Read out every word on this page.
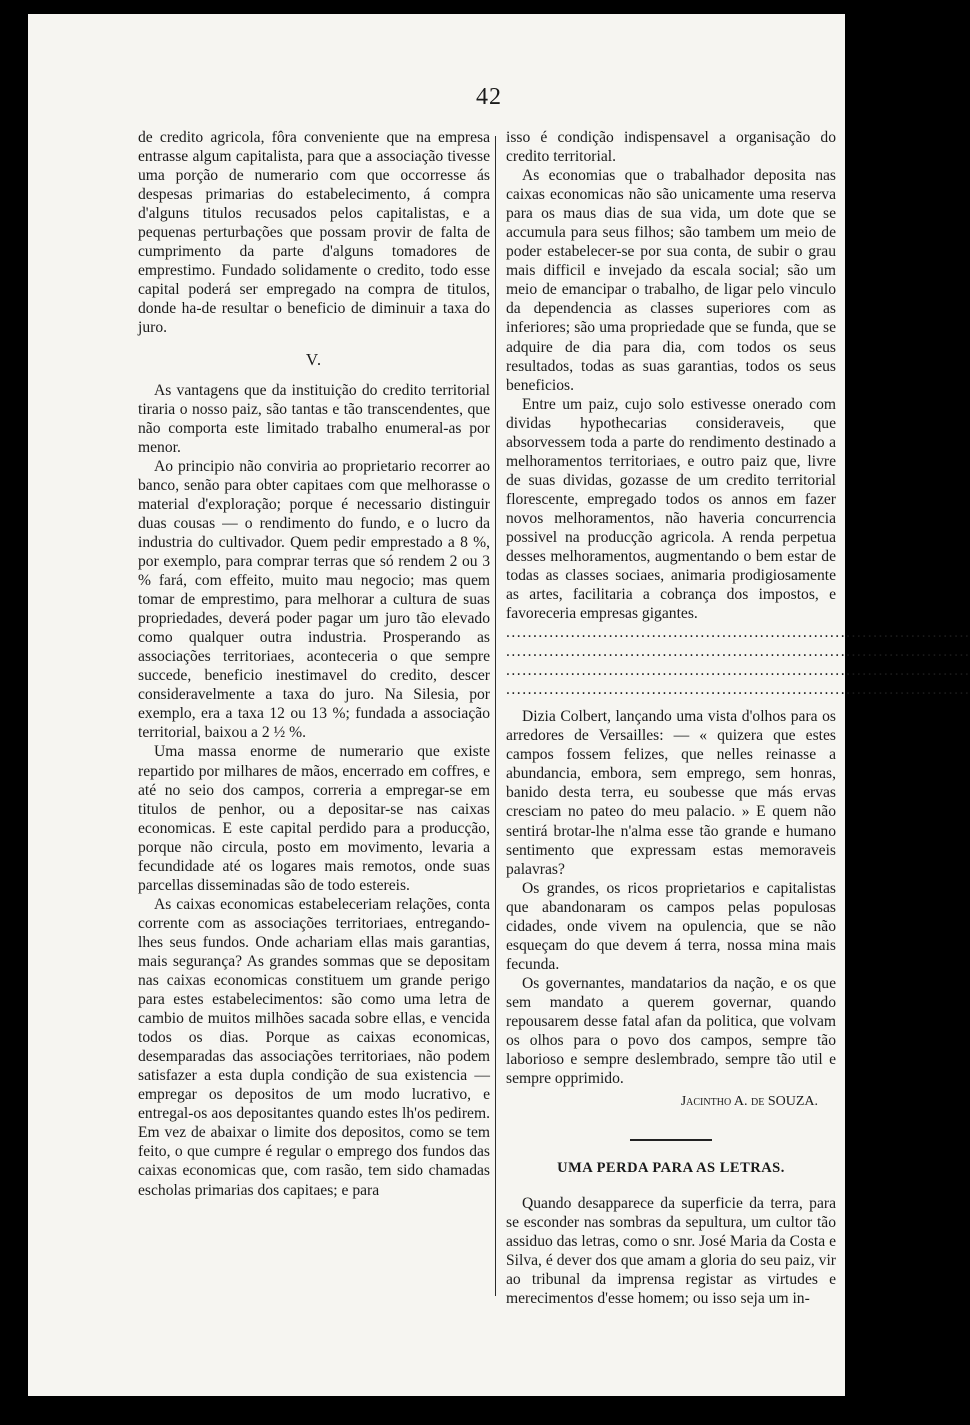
42

de credito agricola, fôra conveniente que na empresa entrasse algum capitalista, para que a associação tivesse uma porção de numerario com que occorresse ás despesas primarias do estabelecimento, á compra d'alguns titulos recusados pelos capitalistas, e a pequenas perturbações que possam provir de falta de cumprimento da parte d'alguns tomadores de emprestimo. Fundado solidamente o credito, todo esse capital poderá ser empregado na compra de titulos, donde ha-de resultar o beneficio de diminuir a taxa do juro.

V.

As vantagens que da instituição do credito territorial tiraria o nosso paiz, são tantas e tão transcendentes, que não comporta este limitado trabalho enumeral-as por menor.

Ao principio não conviria ao proprietario recorrer ao banco, senão para obter capitaes com que melhorasse o material d'exploração; porque é necessario distinguir duas cousas — o rendimento do fundo, e o lucro da industria do cultivador. Quem pedir emprestado a 8 %, por exemplo, para comprar terras que só rendem 2 ou 3 % fará, com effeito, muito mau negocio; mas quem tomar de emprestimo, para melhorar a cultura de suas propriedades, deverá poder pagar um juro tão elevado como qualquer outra industria. Prosperando as associações territoriaes, aconteceria o que sempre succede, beneficio inestimavel do credito, descer consideravelmente a taxa do juro. Na Silesia, por exemplo, era a taxa 12 ou 13 %; fundada a associação territorial, baixou a 2 ½ %.

Uma massa enorme de numerario que existe repartido por milhares de mãos, encerrado em coffres, e até no seio dos campos, correria a empregar-se em titulos de penhor, ou a depositar-se nas caixas economicas. E este capital perdido para a producção, porque não circula, posto em movimento, levaria a fecundidade até os logares mais remotos, onde suas parcellas disseminadas são de todo estereis.

As caixas economicas estabeleceriam relações, conta corrente com as associações territoriaes, entregando-lhes seus fundos. Onde achariam ellas mais garantias, mais segurança? As grandes sommas que se depositam nas caixas economicas constituem um grande perigo para estes estabelecimentos: são como uma letra de cambio de muitos milhões sacada sobre ellas, e vencida todos os dias. Porque as caixas economicas, desemparadas das associações territoriaes, não podem satisfazer a esta dupla condição de sua existencia — empregar os depositos de um modo lucrativo, e entregal-os aos depositantes quando estes lh'os pedirem. Em vez de abaixar o limite dos depositos, como se tem feito, o que cumpre é regular o emprego dos fundos das caixas economicas que, com rasão, tem sido chamadas escholas primarias dos capitaes; e para

isso é condição indispensavel a organisação do credito territorial.

As economias que o trabalhador deposita nas caixas economicas não são unicamente uma reserva para os maus dias de sua vida, um dote que se accumula para seus filhos; são tambem um meio de poder estabelecer-se por sua conta, de subir o grau mais difficil e invejado da escala social; são um meio de emancipar o trabalho, de ligar pelo vinculo da dependencia as classes superiores com as inferiores; são uma propriedade que se funda, que se adquire de dia para dia, com todos os seus resultados, todas as suas garantias, todos os seus beneficios.

Entre um paiz, cujo solo estivesse onerado com dividas hypothecarias consideraveis, que absorvessem toda a parte do rendimento destinado a melhoramentos territoriaes, e outro paiz que, livre de suas dividas, gozasse de um credito territorial florescente, empregado todos os annos em fazer novos melhoramentos, não haveria concurrencia possivel na producção agricola. A renda perpetua desses melhoramentos, augmentando o bem estar de todas as classes sociaes, animaria prodigiosamente as artes, facilitaria a cobrança dos impostos, e favoreceria empresas gigantes.

......................................................................................
......................................................................................
......................................................................................
......................................................................................

Dizia Colbert, lançando uma vista d'olhos para os arredores de Versailles: — « quizera que estes campos fossem felizes, que nelles reinasse a abundancia, embora, sem emprego, sem honras, banido desta terra, eu soubesse que más ervas cresciam no pateo do meu palacio. » E quem não sentirá brotar-lhe n'alma esse tão grande e humano sentimento que expressam estas memoraveis palavras?

Os grandes, os ricos proprietarios e capitalistas que abandonaram os campos pelas populosas cidades, onde vivem na opulencia, que se não esqueçam do que devem á terra, nossa mina mais fecunda.

Os governantes, mandatarios da nação, e os que sem mandato a querem governar, quando repousarem desse fatal afan da politica, que volvam os olhos para o povo dos campos, sempre tão laborioso e sempre deslembrado, sempre tão util e sempre opprimido.

Jacintho A. de SOUZA.
UMA PERDA PARA AS LETRAS.

Quando desapparece da superficie da terra, para se esconder nas sombras da sepultura, um cultor tão assiduo das letras, como o snr. José Maria da Costa e Silva, é dever dos que amam a gloria do seu paiz, vir ao tribunal da imprensa registar as virtudes e merecimentos d'esse homem; ou isso seja um in-
